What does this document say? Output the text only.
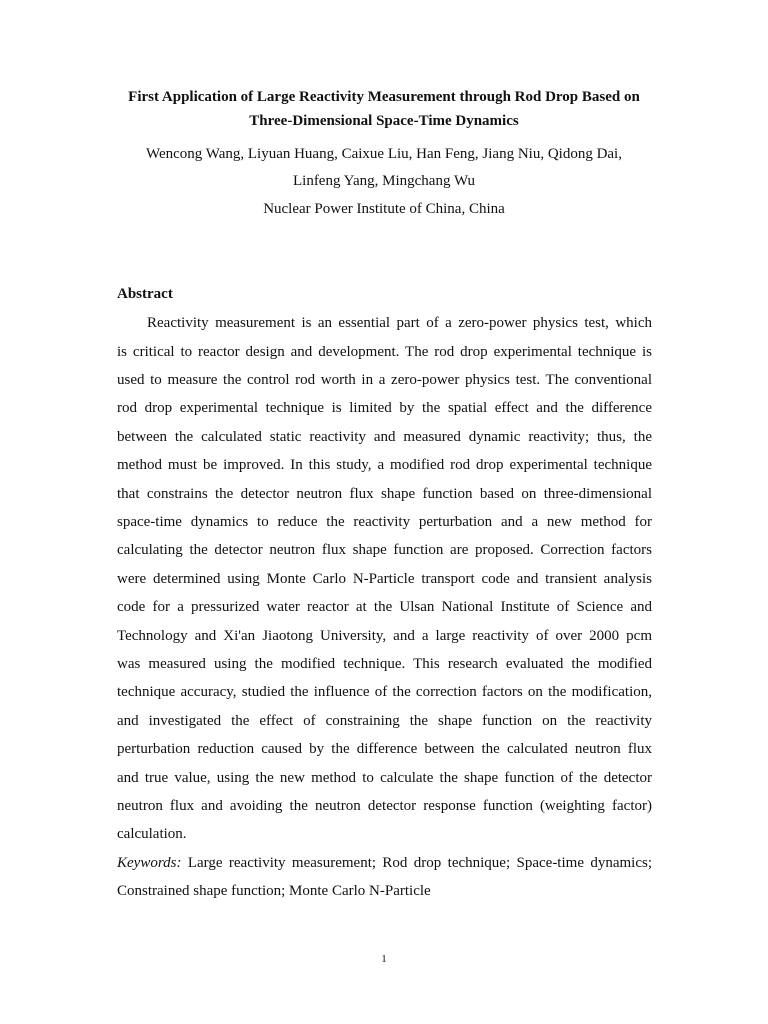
First Application of Large Reactivity Measurement through Rod Drop Based on
Three-Dimensional Space-Time Dynamics
Wencong Wang, Liyuan Huang, Caixue Liu, Han Feng, Jiang Niu, Qidong Dai,
Linfeng Yang, Mingchang Wu
Nuclear Power Institute of China, China
Abstract
Reactivity measurement is an essential part of a zero-power physics test, which
is critical to reactor design and development. The rod drop experimental technique is
used to measure the control rod worth in a zero-power physics test. The conventional
rod drop experimental technique is limited by the spatial effect and the difference
between the calculated static reactivity and measured dynamic reactivity; thus, the
method must be improved. In this study, a modified rod drop experimental technique
that constrains the detector neutron flux shape function based on three-dimensional
space-time dynamics to reduce the reactivity perturbation and a new method for
calculating the detector neutron flux shape function are proposed. Correction factors
were determined using Monte Carlo N-Particle transport code and transient analysis
code for a pressurized water reactor at the Ulsan National Institute of Science and
Technology and Xi'an Jiaotong University, and a large reactivity of over 2000 pcm
was measured using the modified technique. This research evaluated the modified
technique accuracy, studied the influence of the correction factors on the modification,
and investigated the effect of constraining the shape function on the reactivity
perturbation reduction caused by the difference between the calculated neutron flux
and true value, using the new method to calculate the shape function of the detector
neutron flux and avoiding the neutron detector response function (weighting factor)
calculation.
Keywords: Large reactivity measurement; Rod drop technique; Space-time dynamics;
Constrained shape function; Monte Carlo N-Particle
1
